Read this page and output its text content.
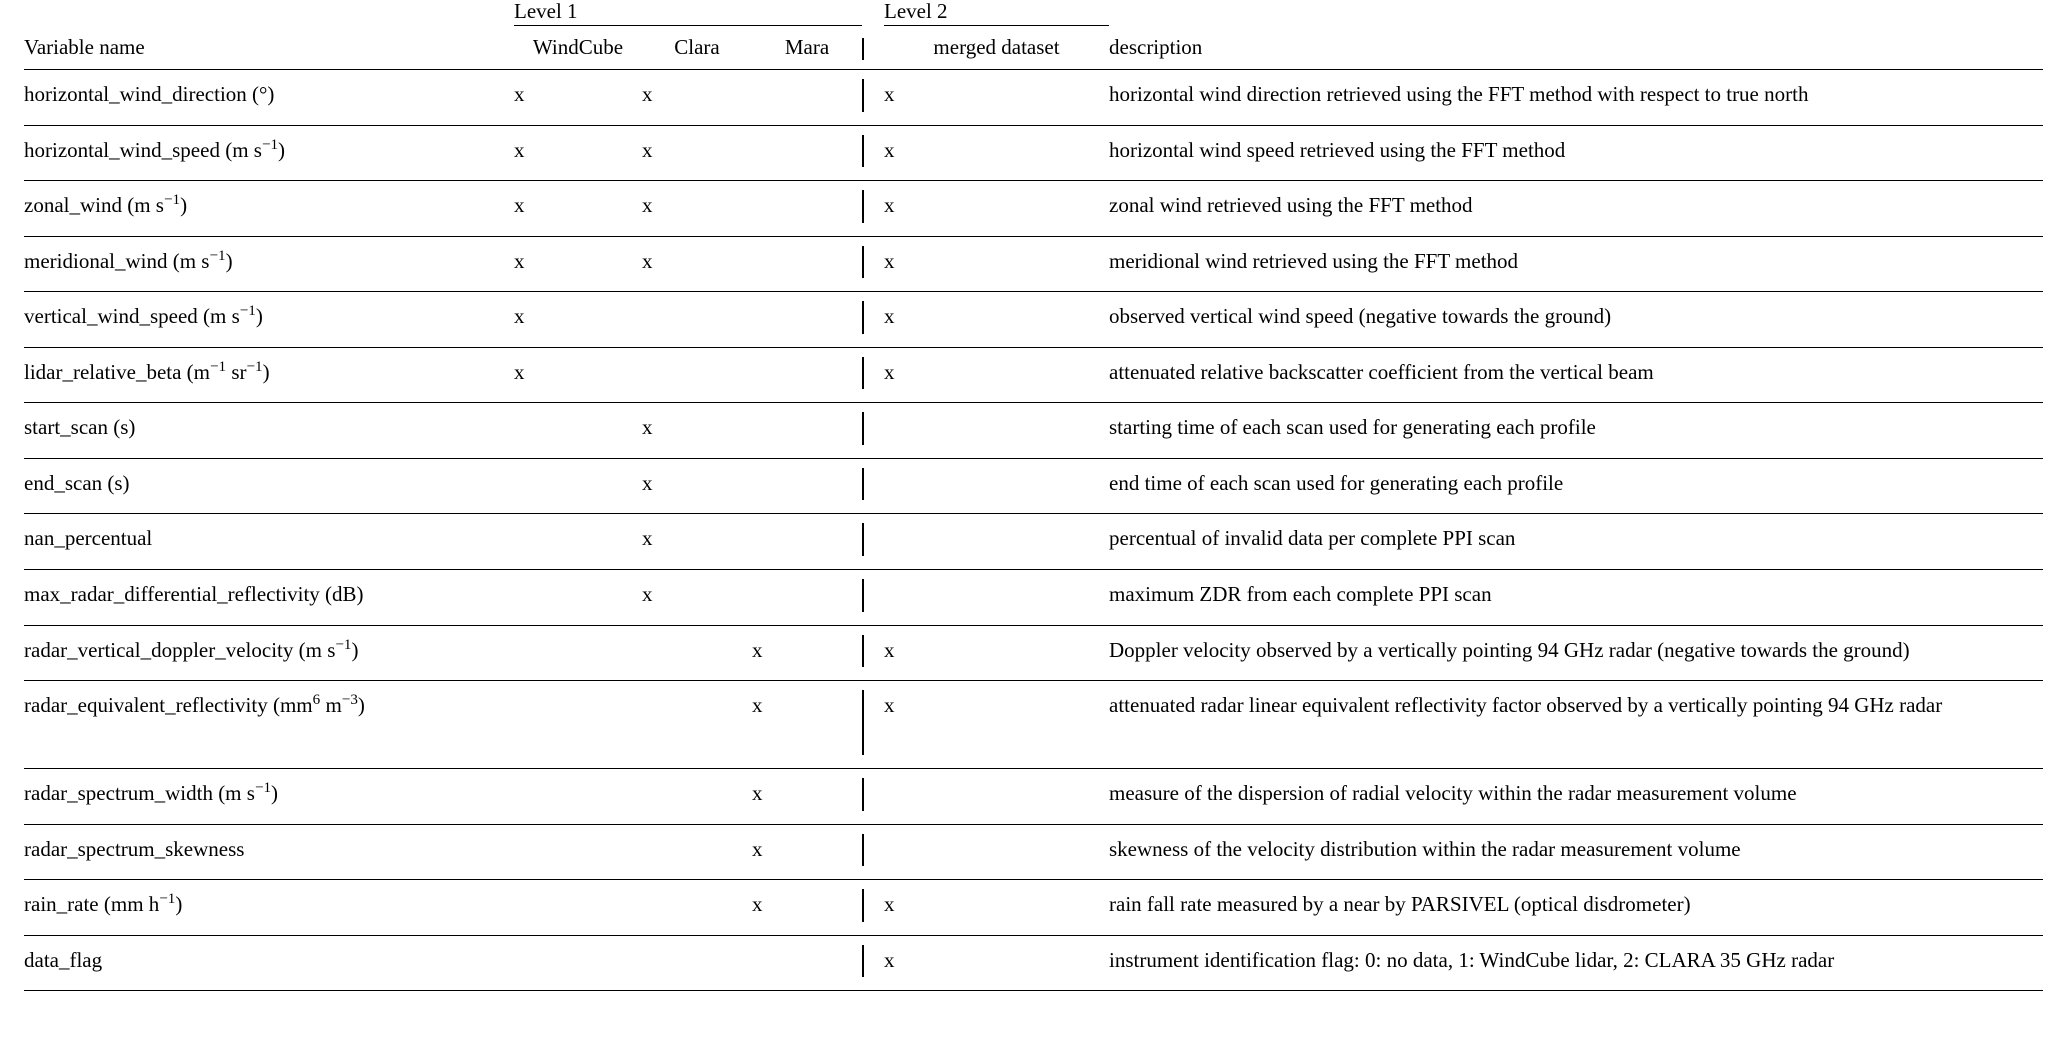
	Level 1				Level 2	
Variable name	WindCube	Clara	Mara		merged dataset	description
horizontal_wind_direction (°)	x	x			x	horizontal wind direction retrieved using the FFT method with respect to true north
horizontal_wind_speed (m $s^{-1}$)	x	x			x	horizontal wind speed retrieved using the FFT method
zonal_wind (m $s^{-1}$)	x	x			x	zonal wind retrieved using the FFT method
meridional_wind (m $s^{-1}$)	x	x			x	meridional wind retrieved using the FFT method
vertical_wind_speed (m $s^{-1}$)	x				x	observed vertical wind speed (negative towards the ground)
lidar_relative_beta ($m^{-1}$ $sr^{-1}$)	x				x	attenuated relative backscatter coefficient from the vertical beam
start_scan (s)		x				starting time of each scan used for generating each profile
end_scan (s)		x				end time of each scan used for generating each profile
nan_percentual		x				percentual of invalid data per complete PPI scan
max_radar_differential_reflectivity (dB)		x				maximum ZDR from each complete PPI scan
radar_vertical_doppler_velocity (m $s^{-1}$)			x		x	Doppler velocity observed by a vertically pointing 94 GHz radar (negative towards the ground)
radar_equivalent_reflectivity ($mm^6$ $m^{-3}$)			x		x	attenuated radar linear equivalent reflectivity factor observed by a vertically pointing 94 GHz radar
radar_spectrum_width (m $s^{-1}$)			x			measure of the dispersion of radial velocity within the radar measurement volume
radar_spectrum_skewness			x			skewness of the velocity distribution within the radar measurement volume
rain_rate (mm $h^{-1}$)			x		x	rain fall rate measured by a near by PARSIVEL (optical disdrometer)
data_flag					x	instrument identification flag: 0: no data, 1: WindCube lidar, 2: CLARA 35 GHz radar
